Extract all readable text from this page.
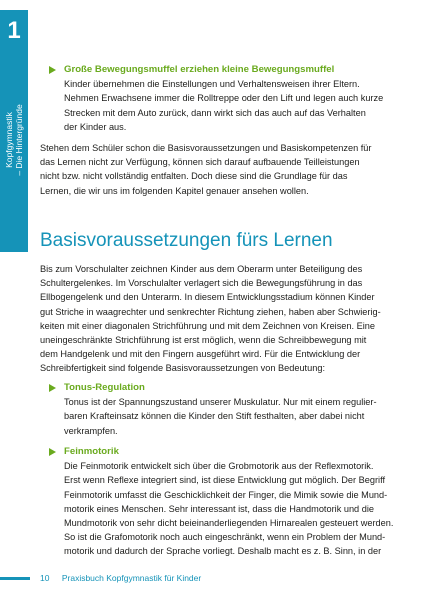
1
Kopfgymnastik – Die Hintergründe
Große Bewegungsmuffel erziehen kleine Bewegungsmuffel
Kinder übernehmen die Einstellungen und Verhaltensweisen ihrer Eltern.
Nehmen Erwachsene immer die Rolltreppe oder den Lift und legen auch kurze
Strecken mit dem Auto zurück, dann wirkt sich das auch auf das Verhalten
der Kinder aus.
Stehen dem Schüler schon die Basisvoraussetzungen und Basiskompetenzen für
das Lernen nicht zur Verfügung, können sich darauf aufbauende Teilleistungen
nicht bzw. nicht vollständig entfalten. Doch diese sind die Grundlage für das
Lernen, die wir uns im folgenden Kapitel genauer ansehen wollen.
Basisvoraussetzungen fürs Lernen
Bis zum Vorschulalter zeichnen Kinder aus dem Oberarm unter Beteiligung des
Schultergelenkes. Im Vorschulalter verlagert sich die Bewegungsführung in das
Ellbogengelenk und den Unterarm. In diesem Entwicklungsstadium können Kinder
gut Striche in waagrechter und senkrechter Richtung ziehen, haben aber Schwierig-
keiten mit einer diagonalen Strichführung und mit dem Zeichnen von Kreisen. Eine
uneingeschränkte Strichführung ist erst möglich, wenn die Schreibbewegung mit
dem Handgelenk und mit den Fingern ausgeführt wird. Für die Entwicklung der
Schreibfertigkeit sind folgende Basisvoraussetzungen von Bedeutung:
Tonus-Regulation
Tonus ist der Spannungszustand unserer Muskulatur. Nur mit einem regulier-
baren Krafteinsatz können die Kinder den Stift festhalten, aber dabei nicht
verkrampfen.
Feinmotorik
Die Feinmotorik entwickelt sich über die Grobmotorik aus der Reflexmotorik.
Erst wenn Reflexe integriert sind, ist diese Entwicklung gut möglich. Der Begriff
Feinmotorik umfasst die Geschicklichkeit der Finger, die Mimik sowie die Mund-
motorik eines Menschen. Sehr interessant ist, dass die Handmotorik und die
Mundmotorik von sehr dicht beieinanderliegenden Hirnarealen gesteuert werden.
So ist die Grafomotorik noch auch eingeschränkt, wenn ein Problem der Mund-
motorik und dadurch der Sprache vorliegt. Deshalb macht es z. B. Sinn, in der
10 Praxisbuch Kopfgymnastik für Kinder
